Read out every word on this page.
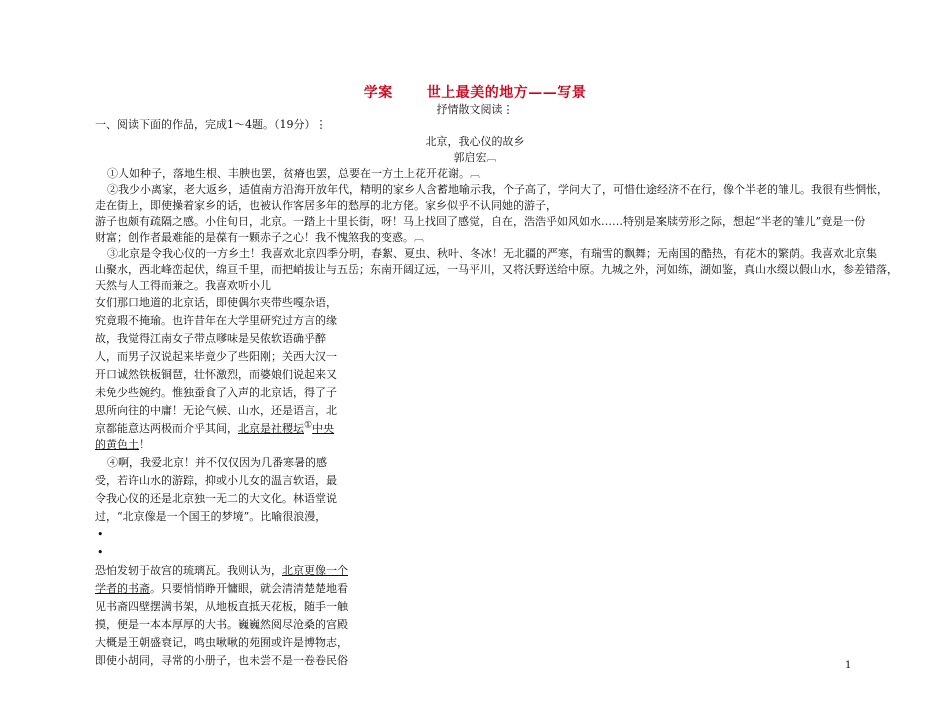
学案 世上最美的地方——写景
抒情散文阅读⋮
一、阅读下面的作品，完成1～4题。（19分）⋮
北京，我心仪的故乡
郭启宏︹
①人如种子，落地生根、丰腴也罢，贫瘠也罢，总要在一方土上花开花谢。︹
②我少小离家，老大返乡，适值南方沿海开放年代，精明的家乡人含蓄地喻示我，个子高了，学问大了，可惜仕途经济不在行，像个半老的雏儿。我很有些惘怅，
走在街上，即使操着家乡的话，也被认作客居多年的愁厚的北方佬。家乡似乎不认同她的游子，
游子也颇有疏隔之感。小住旬日，北京。一踏上十里长街，呀！马上找回了感觉，自在，浩浩乎如风如水……特别是案牍劳形之际，想起“半老的雏儿”竟是一份
财富；创作者最难能的是葆有一颗赤子之心！我不愧煞我的变惑。︹
③北京是令我心仪的一方乡土！我喜欢北京四季分明，春絮、夏虫、秋叶、冬冰！无北疆的严寒，有瑞雪的飘舞；无南国的酷热，有花木的繁荫。我喜欢北京集
山聚水，西北峰峦起伏，绵亘千里，而把峭拔让与五岳；东南开阔辽远，一马平川，又将沃野送给中原。九城之外，河如练，湖如鉴，真山水缀以假山水，参差错落，
天然与人工得而兼之。我喜欢听小儿
女们那口地道的北京话，即使偶尔夹带些嘎杂语，
究竟瑕不掩瑜。也许昔年在大学里研究过方言的缘
故，我觉得江南女子带点嗲味是吴侬软语确乎醉
人，而男子汉说起来毕竟少了些阳刚；关西大汉一
开口诚然铁板铜琶，壮怀激烈，而婆娘们说起来又
未免少些婉约。惟独蚕食了入声的北京话，得了子
思所向往的中庸！无论气候、山水，还是语言，北
京都能意达两极而介乎其间，北京是社稷坛①中央
的黄色土！
④啊，我爱北京！并不仅仅因为几番寒暑的感
受，若许山水的游踪，抑或小儿女的温言软语，最
令我心仪的还是北京独一无二的大文化。林语堂说
过，“北京像是一个国王的梦境”。比喻很浪漫，
•
•
恐怕发轫于故宫的琉璃瓦。我则认为，北京更像一个
学者的书斋。只要悄悄睁开慵眼，就会清清楚楚地看
见书斋四壁摆满书架，从地板直抵天花板，随手一触
摸，便是一本本厚厚的大书。巍巍然阅尽沧桑的宫殿
大概是王朝盛衰记，鸣虫啾啾的苑囿或许是博物志，
即使小胡同，寻常的小册子，也未尝不是一卷卷民俗	1
